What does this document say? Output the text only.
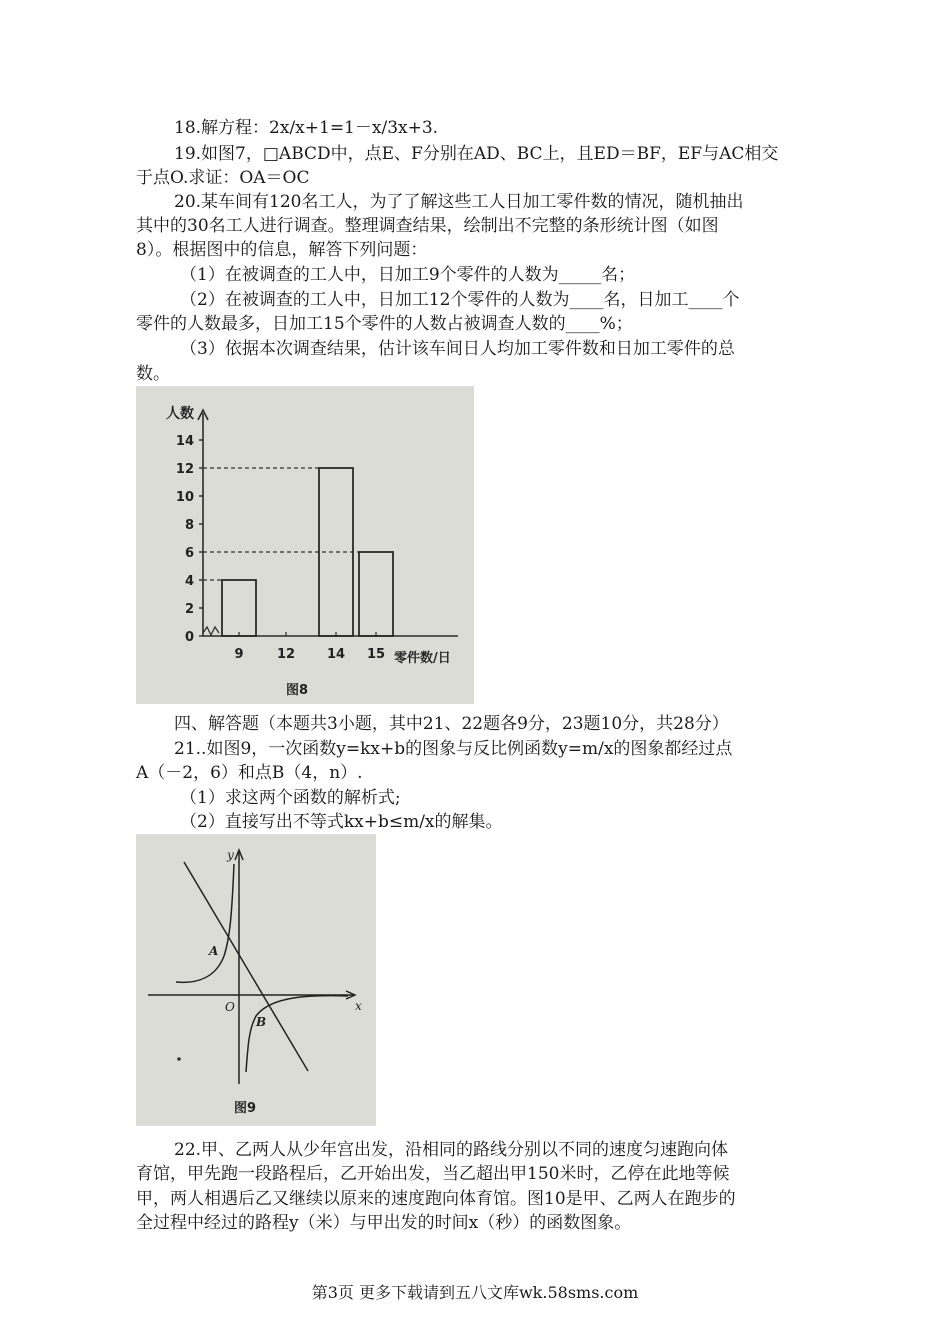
18.解方程：2x/x+1=1－x/3x+3.
19.如图7，□ABCD中，点E、F分别在AD、BC上，且ED＝BF，EF与AC相交
于点O.求证：OA＝OC
20.某车间有120名工人，为了了解这些工人日加工零件数的情况，随机抽出
其中的30名工人进行调查。整理调查结果，绘制出不完整的条形统计图（如图
8）。根据图中的信息，解答下列问题：
（1）在被调查的工人中，日加工9个零件的人数为_____名；
（2）在被调查的工人中，日加工12个零件的人数为____名，日加工____个
零件的人数最多，日加工15个零件的人数占被调查人数的____%；
（3）依据本次调查结果，估计该车间日人均加工零件数和日加工零件的总
数。
0
2
4
6
8
10
12
14
9	12 14 15
人数
零件数/日
图8
四、解答题（本题共3小题，其中21、22题各9分，23题10分，共28分）
21..如图9，一次函数y=kx+b的图象与反比例函数y=m/x的图象都经过点
A（－2，6）和点B（4，n）.
（1）求这两个函数的解析式;
（2）直接写出不等式kx+b≤m/x的解集。
y
x
O
A
B
图9
22.甲、乙两人从少年宫出发，沿相同的路线分别以不同的速度匀速跑向体
育馆，甲先跑一段路程后，乙开始出发，当乙超出甲150米时，乙停在此地等候
甲，两人相遇后乙又继续以原来的速度跑向体育馆。图10是甲、乙两人在跑步的
全过程中经过的路程y（米）与甲出发的时间x（秒）的函数图象。
第3页 更多下载请到五八文库wk.58sms.com
